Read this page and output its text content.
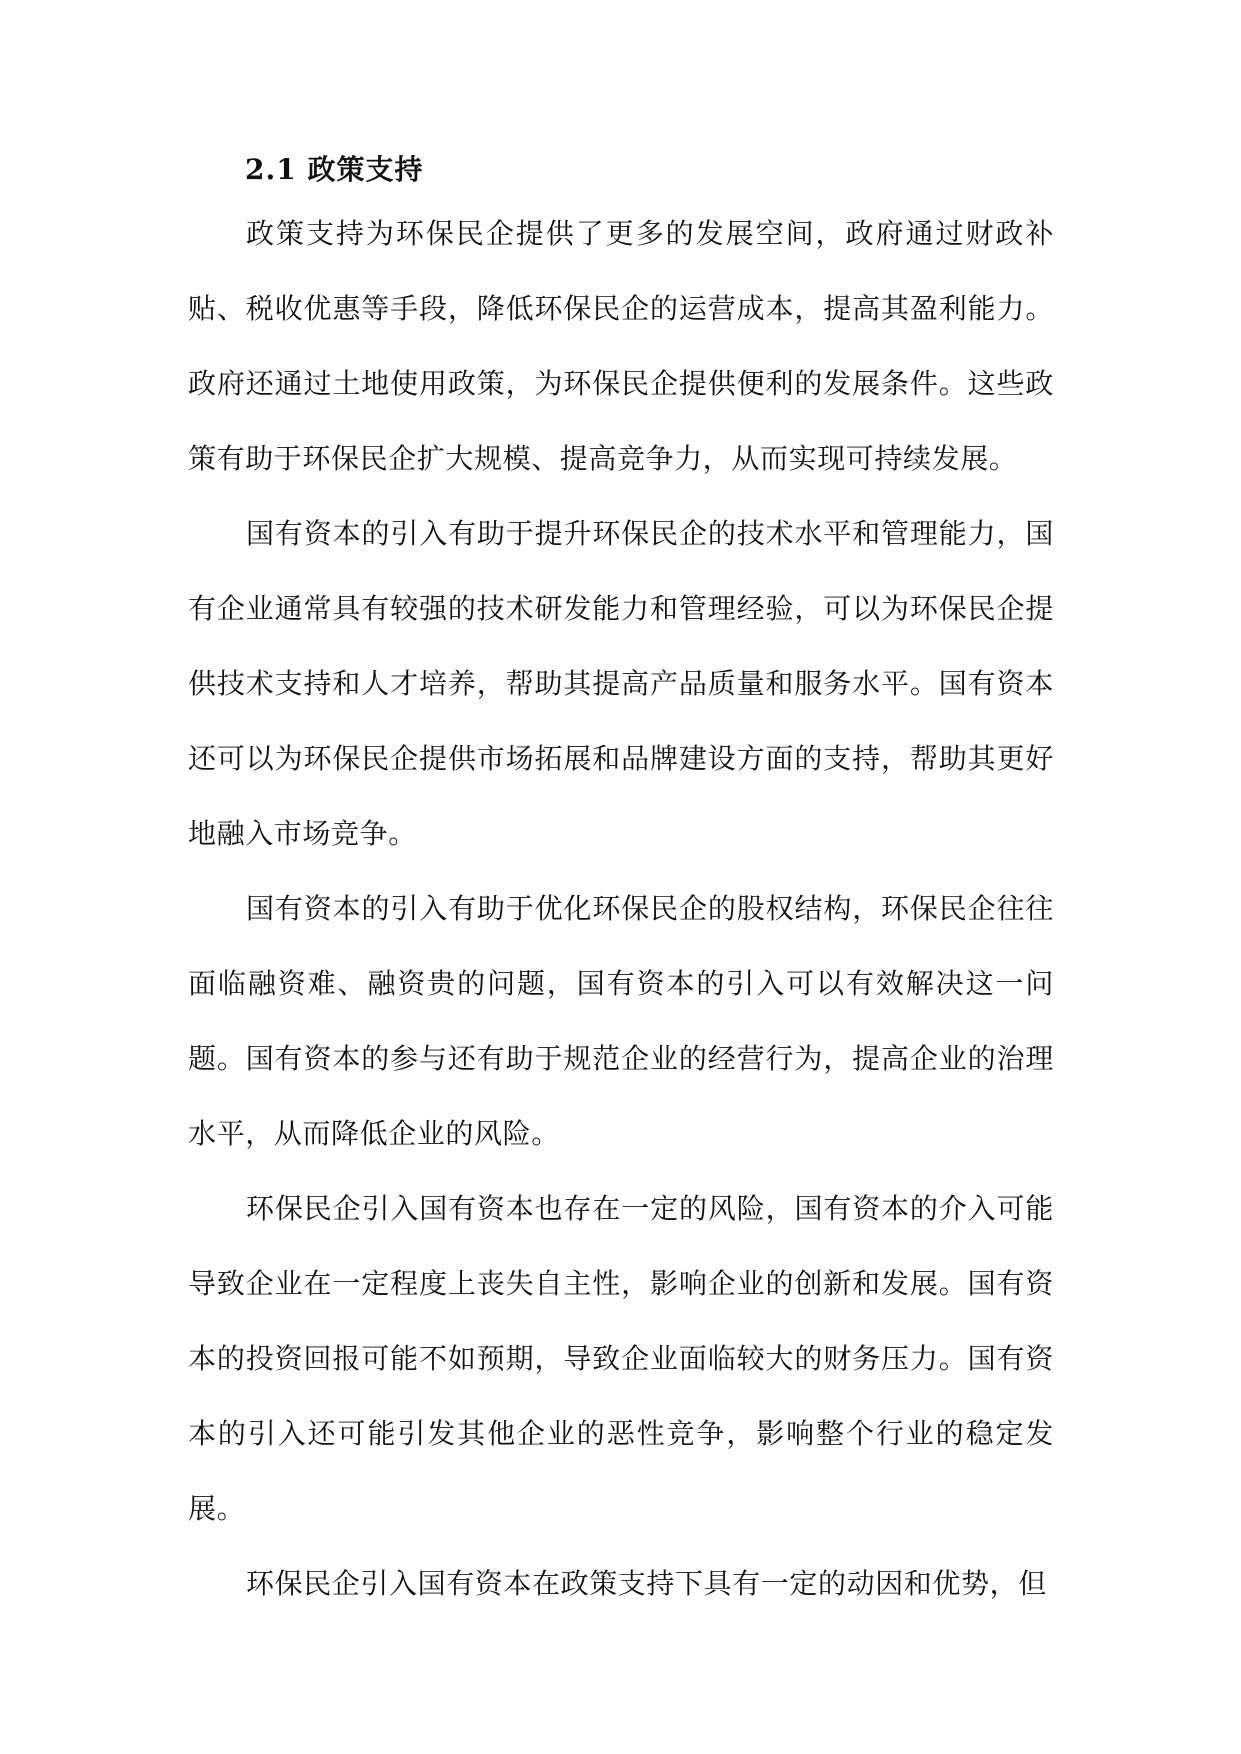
2.1 政策支持

政策支持为环保民企提供了更多的发展空间，政府通过财政补贴、税收优惠等手段，降低环保民企的运营成本，提高其盈利能力。政府还通过土地使用政策，为环保民企提供便利的发展条件。这些政策有助于环保民企扩大规模、提高竞争力，从而实现可持续发展。

国有资本的引入有助于提升环保民企的技术水平和管理能力，国有企业通常具有较强的技术研发能力和管理经验，可以为环保民企提供技术支持和人才培养，帮助其提高产品质量和服务水平。国有资本还可以为环保民企提供市场拓展和品牌建设方面的支持，帮助其更好地融入市场竞争。

国有资本的引入有助于优化环保民企的股权结构，环保民企往往面临融资难、融资贵的问题，国有资本的引入可以有效解决这一问题。国有资本的参与还有助于规范企业的经营行为，提高企业的治理水平，从而降低企业的风险。

环保民企引入国有资本也存在一定的风险，国有资本的介入可能导致企业在一定程度上丧失自主性，影响企业的创新和发展。国有资本的投资回报可能不如预期，导致企业面临较大的财务压力。国有资本的引入还可能引发其他企业的恶性竞争，影响整个行业的稳定发展。

环保民企引入国有资本在政策支持下具有一定的动因和优势，但
